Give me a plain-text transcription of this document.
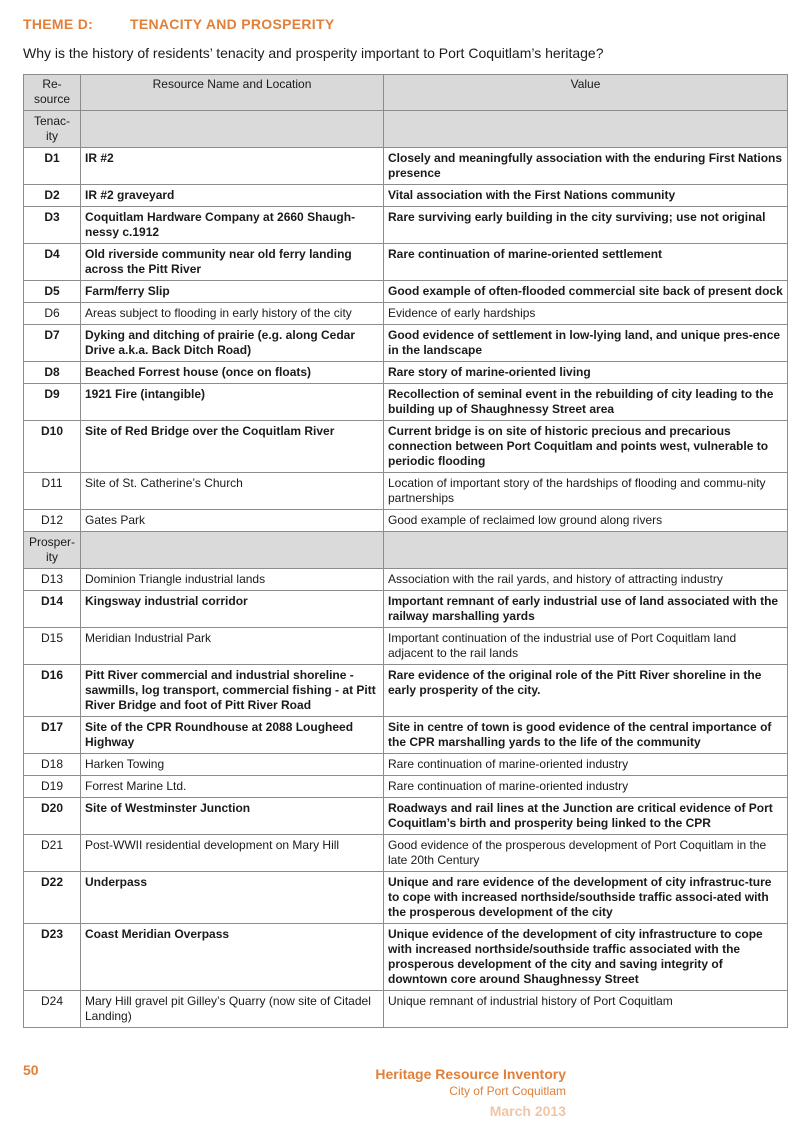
THEME D:	TENACITY AND PROSPERITY
Why is the history of residents’ tenacity and prosperity important to Port Coquitlam’s heritage?
Re-source	Resource Name and Location	Value
Tenac-ity		
D1	IR #2	Closely and meaningfully association with the enduring First Nations presence
D2	IR #2 graveyard	Vital association with the First Nations community
D3	Coquitlam Hardware Company at 2660 Shaugh-nessy c.1912	Rare surviving early building in the city surviving; use not original
D4	Old riverside community near old ferry landing across the Pitt River	Rare continuation of marine-oriented settlement
D5	Farm/ferry Slip	Good example of often-flooded commercial site back of present dock
D6	Areas subject to flooding in early history of the city	Evidence of early hardships
D7	Dyking and ditching of prairie (e.g. along Cedar Drive a.k.a. Back Ditch Road)	Good evidence of settlement in low-lying land, and unique pres-ence in the landscape
D8	Beached Forrest house (once on floats)	Rare story of marine-oriented living
D9	1921 Fire (intangible)	Recollection of seminal event in the rebuilding of city leading to the building up of Shaughnessy Street area
D10	Site of Red Bridge over the Coquitlam River	Current bridge is on site of historic precious and precarious connection between Port Coquitlam and points west, vulnerable to periodic flooding
D11	Site of St. Catherine’s Church	Location of important story of the hardships of flooding and commu-nity partnerships
D12	Gates Park	Good example of reclaimed low ground along rivers
Prosper-ity		
D13	Dominion Triangle industrial lands	Association with the rail yards, and history of attracting industry
D14	Kingsway industrial corridor	Important remnant of early industrial use of land associated with the railway marshalling yards
D15	Meridian Industrial Park	Important continuation of the industrial use of Port Coquitlam land adjacent to the rail lands
D16	Pitt River commercial and industrial shoreline - sawmills, log transport, commercial fishing - at Pitt River Bridge and foot of Pitt River Road	Rare evidence of the original role of the Pitt River shoreline in the early prosperity of the city.
D17	Site of the CPR Roundhouse at 2088 Lougheed Highway	Site in centre of town is good evidence of the central importance of the CPR marshalling yards to the life of the community
D18	Harken Towing	Rare continuation of marine-oriented industry
D19	Forrest Marine Ltd.	Rare continuation of marine-oriented industry
D20	Site of Westminster Junction	Roadways and rail lines at the Junction are critical evidence of Port Coquitlam’s birth and prosperity being linked to the CPR
D21	Post-WWII residential development on Mary Hill	Good evidence of the prosperous development of Port Coquitlam in the late 20th Century
D22	Underpass	Unique and rare evidence of the development of city infrastruc-ture to cope with increased northside/southside traffic associ-ated with the prosperous development of the city
D23	Coast Meridian Overpass	Unique evidence of the development of city infrastructure to cope with increased northside/southside traffic associated with the prosperous development of the city and saving integrity of downtown core around Shaughnessy Street
D24	Mary Hill gravel pit Gilley’s Quarry (now site of Citadel Landing)	Unique remnant of industrial history of Port Coquitlam
50	Heritage Resource Inventory
City of Port Coquitlam
March 2013
